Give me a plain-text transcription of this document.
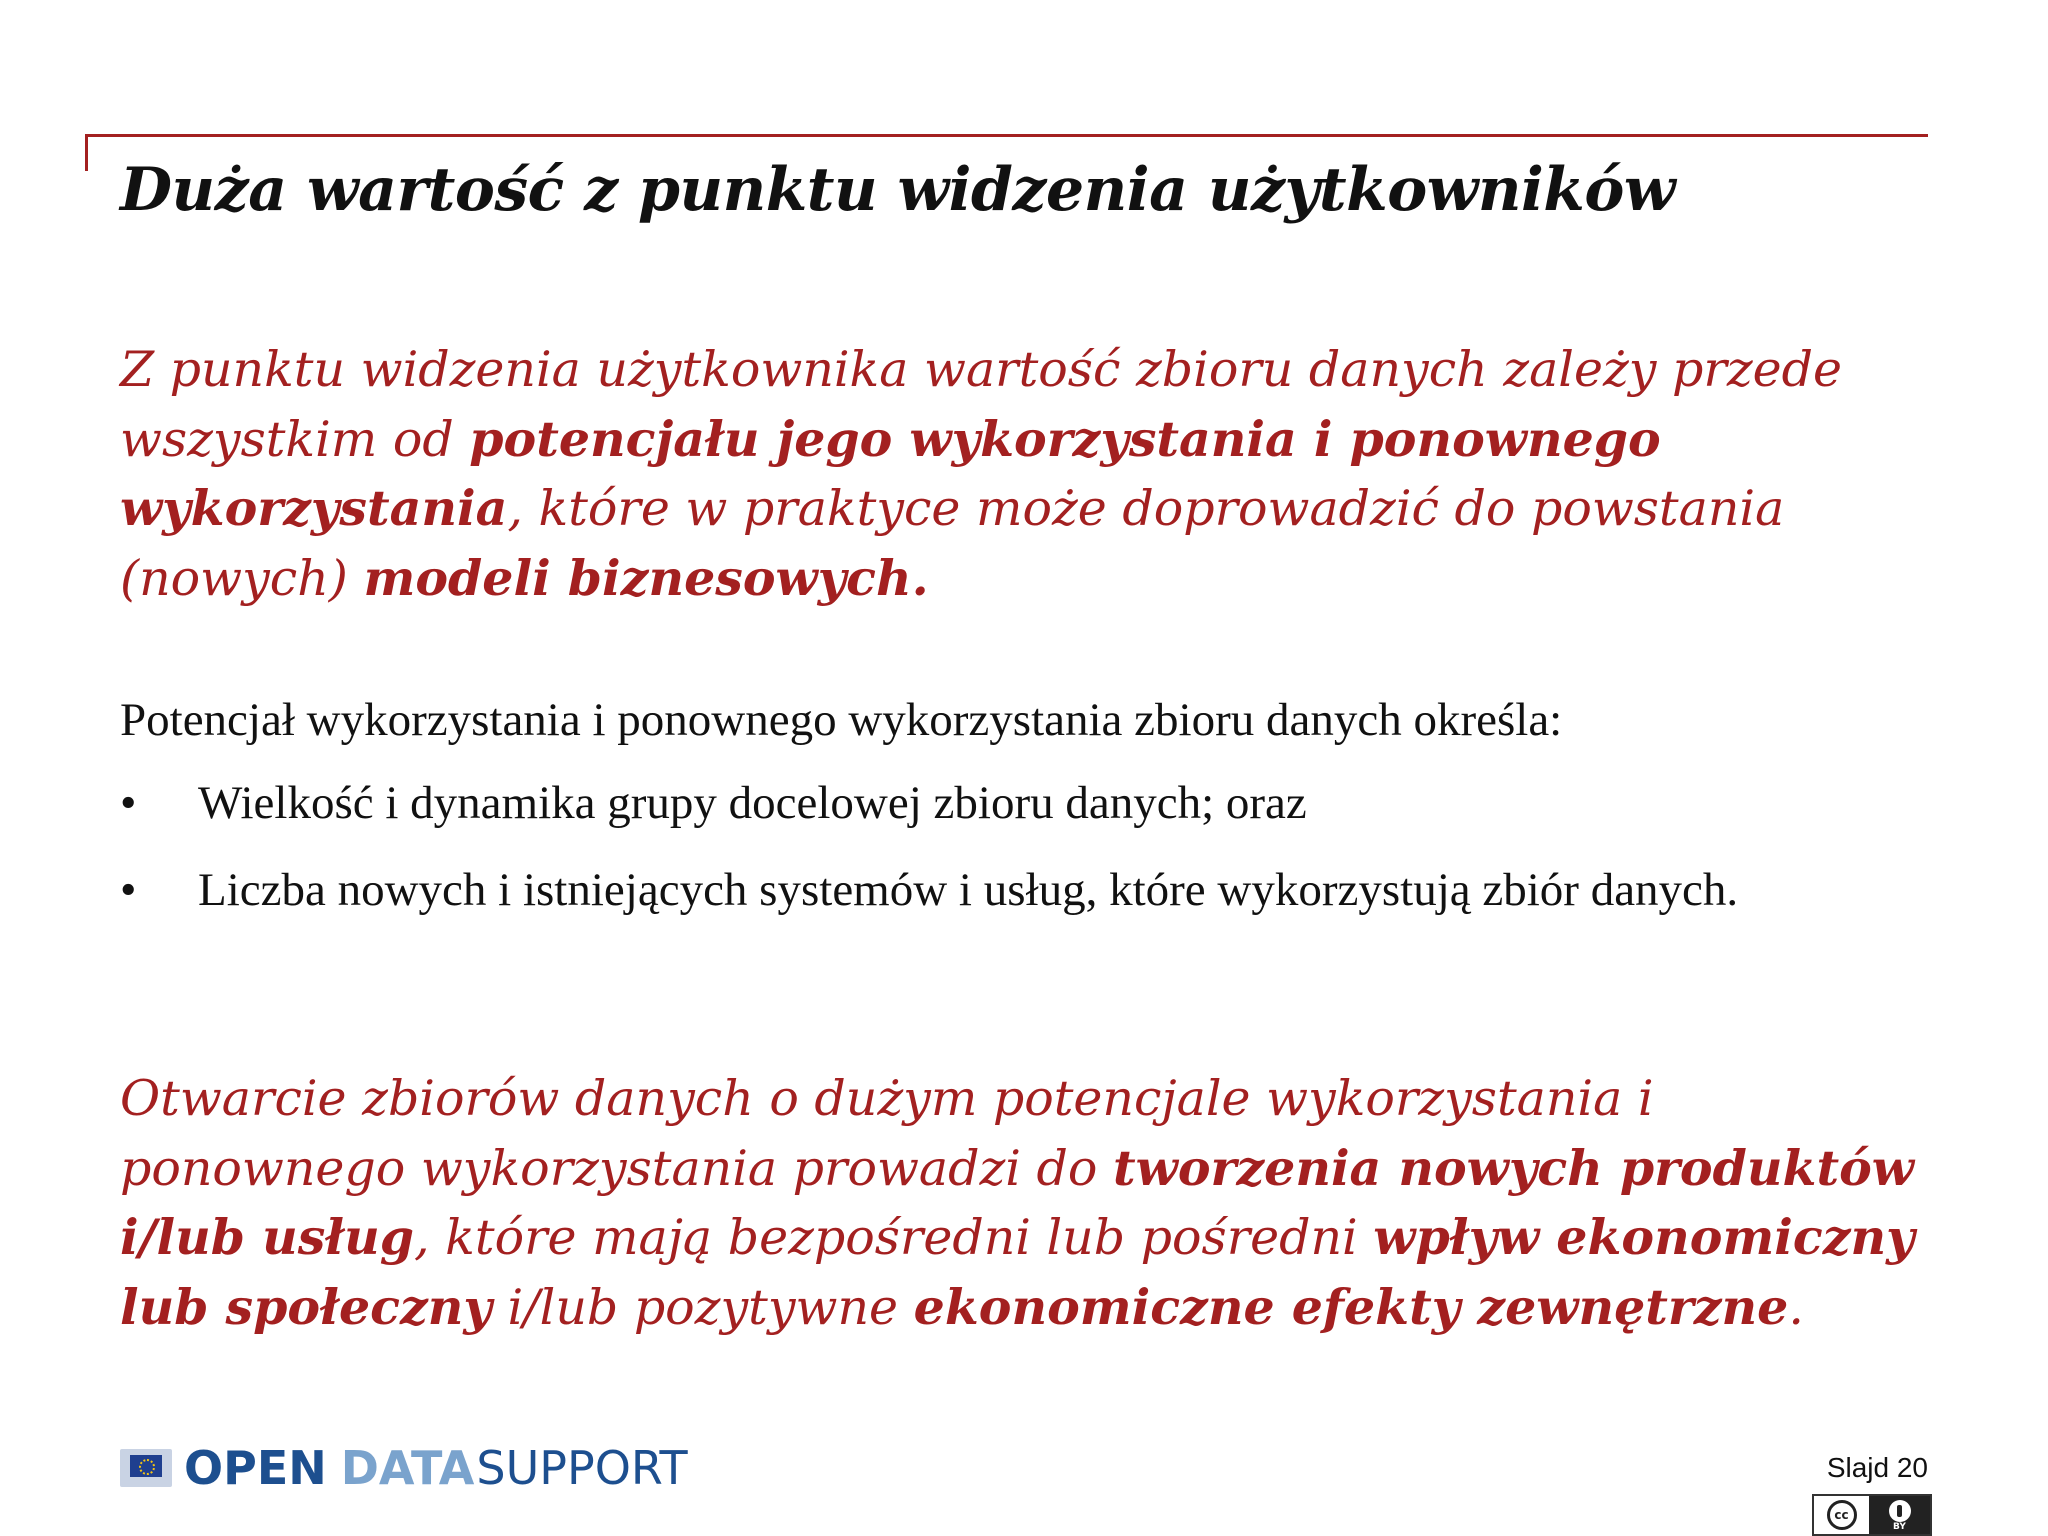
Duża wartość z punktu widzenia użytkowników

Z punktu widzenia użytkownika wartość zbioru danych zależy przede wszystkim od potencjału jego wykorzystania i ponownego wykorzystania, które w praktyce może doprowadzić do powstania (nowych) modeli biznesowych.

Potencjał wykorzystania i ponownego wykorzystania zbioru danych określa:

• Wielkość i dynamika grupy docelowej zbioru danych; oraz
• Liczba nowych i istniejących systemów i usług, które wykorzystują zbiór danych.

Otwarcie zbiorów danych o dużym potencjale wykorzystania i ponownego wykorzystania prowadzi do tworzenia nowych produktów i/lub usług, które mają bezpośredni lub pośredni wpływ ekonomiczny lub społeczny i/lub pozytywne ekonomiczne efekty zewnętrzne.

OPEN DATA SUPPORT	Slajd 20
cc
BY
